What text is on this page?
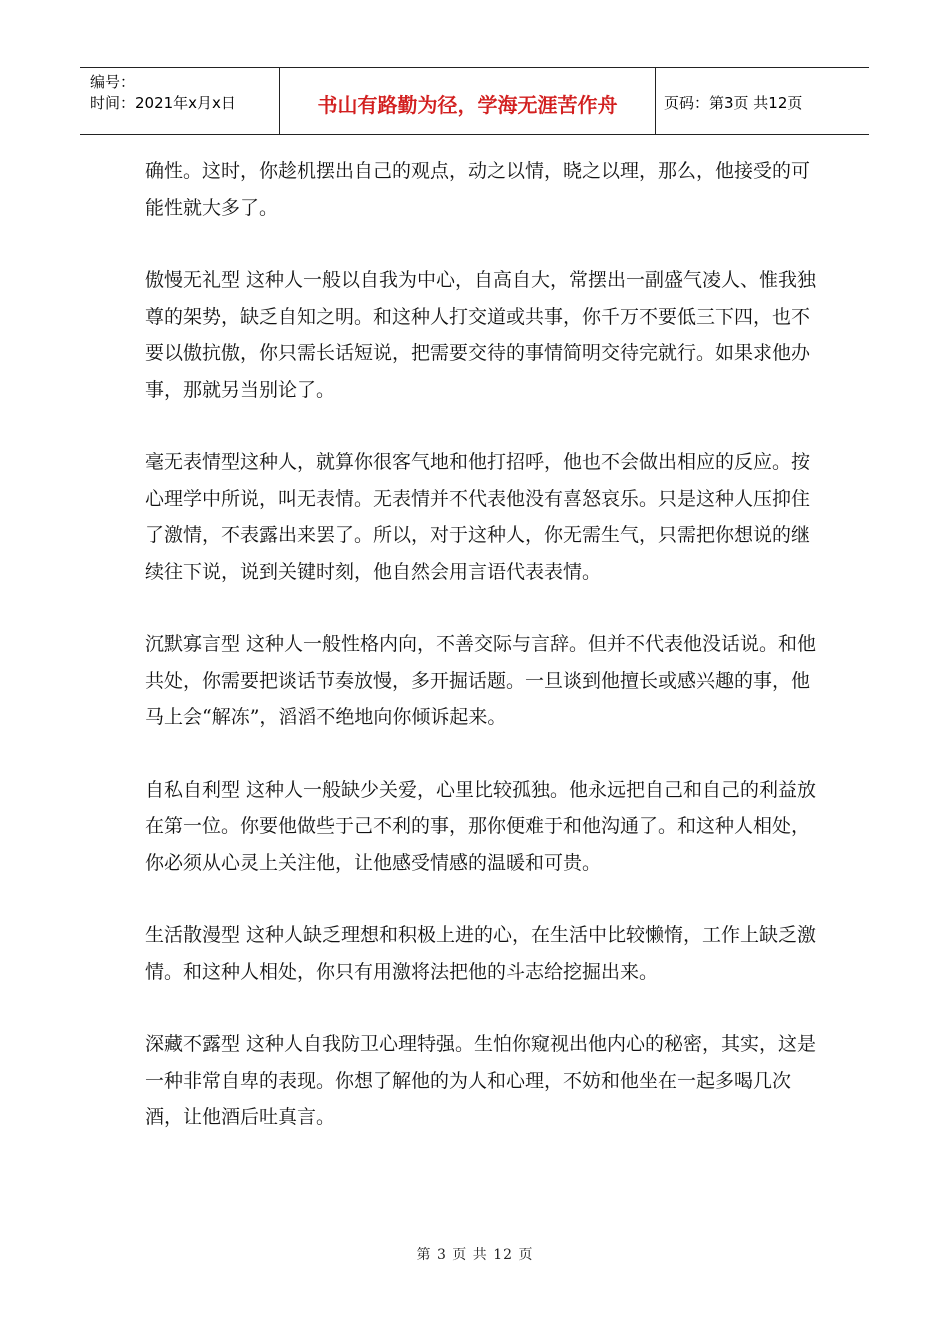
编号：
时间：2021年x月x日	书山有路勤为径，学海无涯苦作舟	页码：第3页 共12页

确性。这时，你趁机摆出自己的观点，动之以情，晓之以理，那么，他接受的可能性就大多了。

傲慢无礼型 这种人一般以自我为中心，自高自大，常摆出一副盛气凌人、惟我独尊的架势，缺乏自知之明。和这种人打交道或共事，你千万不要低三下四，也不要以傲抗傲，你只需长话短说，把需要交待的事情简明交待完就行。如果求他办事，那就另当别论了。

毫无表情型这种人，就算你很客气地和他打招呼，他也不会做出相应的反应。按心理学中所说，叫无表情。无表情并不代表他没有喜怒哀乐。只是这种人压抑住了激情，不表露出来罢了。所以，对于这种人，你无需生气，只需把你想说的继续往下说，说到关键时刻，他自然会用言语代表表情。

沉默寡言型 这种人一般性格内向，不善交际与言辞。但并不代表他没话说。和他共处，你需要把谈话节奏放慢，多开掘话题。一旦谈到他擅长或感兴趣的事，他马上会“解冻”，滔滔不绝地向你倾诉起来。

自私自利型 这种人一般缺少关爱，心里比较孤独。他永远把自己和自己的利益放在第一位。你要他做些于己不利的事，那你便难于和他沟通了。和这种人相处，你必须从心灵上关注他，让他感受情感的温暖和可贵。

生活散漫型 这种人缺乏理想和积极上进的心，在生活中比较懒惰，工作上缺乏激情。和这种人相处，你只有用激将法把他的斗志给挖掘出来。

深藏不露型 这种人自我防卫心理特强。生怕你窥视出他内心的秘密，其实，这是一种非常自卑的表现。你想了解他的为人和心理，不妨和他坐在一起多喝几次酒，让他酒后吐真言。

第 3 页 共 12 页
